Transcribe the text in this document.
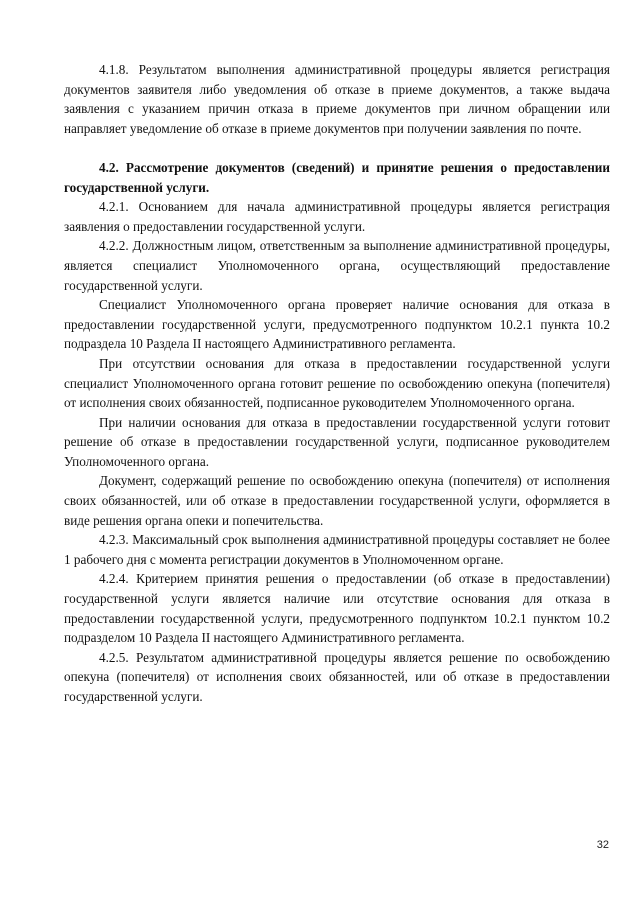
4.1.8. Результатом выполнения административной процедуры является регистрация документов заявителя либо уведомления об отказе в приеме документов, а также выдача заявления с указанием причин отказа в приеме документов при личном обращении или направляет уведомление об отказе в приеме документов при получении заявления по почте.

4.2. Рассмотрение документов (сведений) и принятие решения о предоставлении государственной услуги.

4.2.1. Основанием для начала административной процедуры является регистрация заявления о предоставлении государственной услуги.

4.2.2. Должностным лицом, ответственным за выполнение административной процедуры, является специалист Уполномоченного органа, осуществляющий предоставление государственной услуги.

Специалист Уполномоченного органа проверяет наличие основания для отказа в предоставлении государственной услуги, предусмотренного подпунктом 10.2.1 пункта 10.2 подраздела 10 Раздела II настоящего Административного регламента.

При отсутствии основания для отказа в предоставлении государственной услуги специалист Уполномоченного органа готовит решение по освобождению опекуна (попечителя) от исполнения своих обязанностей, подписанное руководителем Уполномоченного органа.

При наличии основания для отказа в предоставлении государственной услуги готовит решение об отказе в предоставлении государственной услуги, подписанное руководителем Уполномоченного органа.

Документ, содержащий решение по освобождению опекуна (попечителя) от исполнения своих обязанностей, или об отказе в предоставлении государственной услуги, оформляется в виде решения органа опеки и попечительства.

4.2.3. Максимальный срок выполнения административной процедуры составляет не более 1 рабочего дня с момента регистрации документов в Уполномоченном органе.

4.2.4. Критерием принятия решения о предоставлении (об отказе в предоставлении) государственной услуги является наличие или отсутствие основания для отказа в предоставлении государственной услуги, предусмотренного подпунктом 10.2.1 пунктом 10.2 подразделом 10 Раздела II настоящего Административного регламента.

4.2.5. Результатом административной процедуры является решение по освобождению опекуна (попечителя) от исполнения своих обязанностей, или об отказе в предоставлении государственной услуги.

32
